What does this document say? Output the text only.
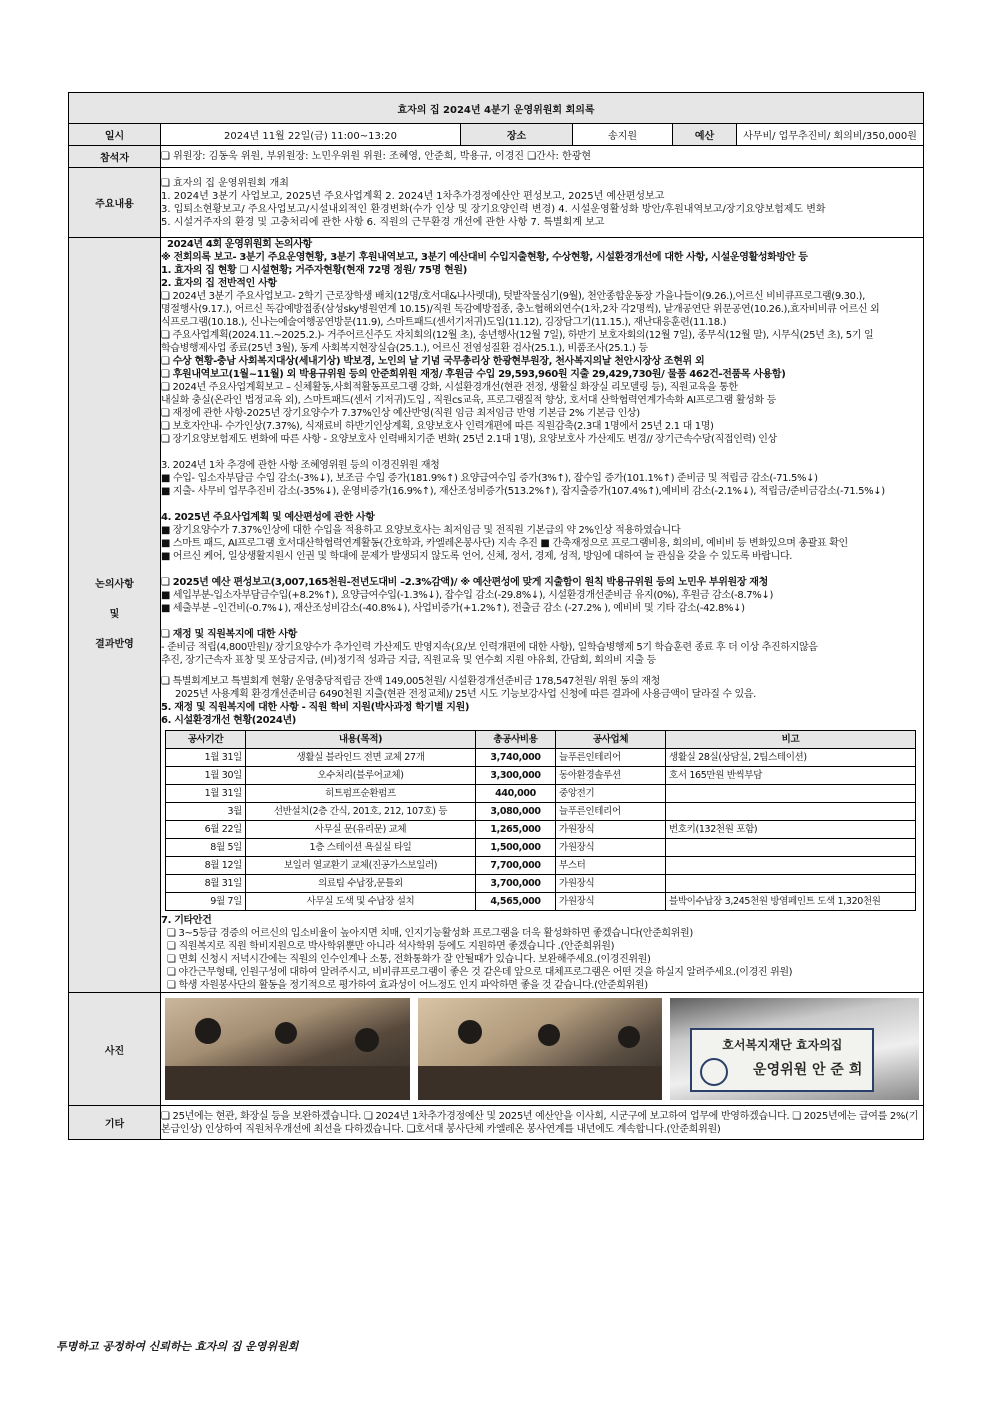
효자의 집 2024년 4분기 운영위원회 회의록
일시	2024년 11월 22일(금) 11:00~13:20	장소	송지원	예산	사무비/ 업무추진비/ 회의비/350,000원
참석자	❏ 위원장: 김동욱 위원, 부위원장: 노민우위원 위원: 조혜영, 안준희, 박용규, 이경진 ❏간사: 한광현
주요내용	

❏ 효자의 집 운영위원회 개최

1. 2024년 3분기 사업보고, 2025년 주요사업계획 2. 2024년 1차추가경정예산안 편성보고, 2025년 예산편성보고

3. 입퇴소현황보고/ 주요사업보고/시설내외적인 환경변화(수가 인상 및 장기요양인력 변경) 4. 시설운영활성화 방안/후원내역보고/장기요양보험제도 변화

5. 시설거주자의 환경 및 고충처리에 관한 사항 6. 직원의 근무환경 개선에 관한 사항 7. 특별회계 보고

논의사항
및
결과반영

2024년 4회 운영위원회 논의사항

※ 전회의록 보고- 3분기 주요운영현황, 3분기 후원내역보고, 3분기 예산대비 수입지출현황, 수상현황, 시설환경개선에 대한 사항, 시설운영활성화방안 등

1. 효자의 집 현황 ❏ 시설현황; 거주자현황(현재 72명 정원/ 75명 현원)

2. 효자의 집 전반적인 사항

❏ 2024년 3분기 주요사업보고- 2학기 근로장학생 배치(12명/호서대&나사렛대), 텃밭작물심기(9월), 천안종합운동장 가을나들이(9.26.),어르신 비비큐프로그램(9.30.),

명절행사(9.17.), 어르신 독감예방접종(삼성sky병원연계 10.15)/직원 독감예방접종, 충노협해외연수(1차,2차 각2명씩), 낱개공연단 위문공연(10.26.),효자비비큐 어르신 외

식프로그램(10.18.), 신나는예술여행공연방문(11.9), 스마트패드(센서기저귀)도입(11.12), 김장담그기(11.15.), 재난대응훈련(11.18.)

❏ 주요사업계획(2024.11.~2025.2.)- 거주어르신주도 자치회의(12월 초), 송년행사(12월 7일), 하반기 보호자회의(12월 7일), 종무식(12월 말), 시무식(25년 초), 5기 일

학습병행제사업 종료(25년 3월), 동계 사회복지현장실습(25.1.), 어르신 전염성질환 검사(25.1.), 비품조사(25.1.) 등

❏ 수상 현황-충남 사회복지대상(세내기상) 박보경, 노인의 날 기념 국무총리상 한광현부원장, 천사복지의날 천안시장상 조현위 외

❏ 후원내역보고(1월~11월) 외 박용규위원 등의 안준희위원 재정/ 후원금 수입 29,593,960원 지출 29,429,730원/ 물품 462건-전품목 사용함)

❏ 2024년 주요사업계획보고 – 신체활동,사회적활동프로그램 강화, 시설환경개선(현관 전정, 생활실 화장실 리모델링 등), 직원교육을 통한

내실화 충실(온라인 법정교육 외), 스마트패드(센서 기저귀)도입 , 직원cs교육, 프로그램질적 향상, 호서대 산학협력연계가속화 AI프로그램 활성화 등

❏ 재정에 관한 사항-2025년 장기요양수가 7.37%인상 예산반영(직원 임금 최저임금 반영 기본급 2% 기본급 인상)

❏ 보호자안내- 수가인상(7.37%), 식재료비 하반기인상계획, 요양보호사 인력개편에 따른 직원감축(2.3대 1명에서 25년 2.1 대 1명)

❏ 장기요양보험제도 변화에 따른 사항 - 요양보호사 인력배치기준 변화( 25년 2.1대 1명), 요양보호사 가산제도 변경// 장기근속수당(직접인력) 인상

3. 2024년 1차 추경에 관한 사항 조혜영위원 등의 이경진위원 재청

■ 수입- 입소자부담금 수입 감소(-3%↓), 보조금 수입 증가(181.9%↑) 요양급여수입 증가(3%↑), 잡수입 증가(101.1%↑) 준비금 및 적립금 감소(-71.5%↓)

■ 지출- 사무비 업무추진비 감소(-35%↓), 운영비증가(16.9%↑), 재산조성비증가(513.2%↑), 잡지출증가(107.4%↑),예비비 감소(-2.1%↓), 적립금/준비금감소(-71.5%↓)

4. 2025년 주요사업계획 및 예산편성에 관한 사항

■ 장기요양수가 7.37%인상에 대한 수입을 적용하고 요양보호사는 최저임금 및 전직원 기본급의 약 2%인상 적용하였습니다

■ 스마트 패드, AI프로그램 호서대산학협력연계활동(간호학과, 카엘레온봉사단) 지속 추진 ■ 간축재정으로 프로그램비용, 회의비, 예비비 등 변화있으며 총괄표 확인

■ 어르신 케어, 일상생활지원시 인권 및 학대에 문제가 발생되지 않도록 언어, 신체, 정서, 경제, 성적, 방임에 대하여 늘 관심을 갖을 수 있도록 바랍니다.

❏ 2025년 예산 편성보고(3,007,165천원-전년도대비 –2.3%감액)/ ※ 예산편성에 맞게 지출함이 원칙 박용규위원 등의 노민우 부위원장 재청

■ 세입부분-입소자부담금수입(+8.2%↑), 요양급여수입(-1.3%↓), 잡수입 감소(-29.8%↓), 시설환경개선준비금 유지(0%), 후원금 감소(-8.7%↓)

■ 세출부분 –인건비(-0.7%↓), 재산조성비감소(-40.8%↓), 사업비증가(+1.2%↑), 전출금 감소 (-27.2% ), 예비비 및 기타 감소(-42.8%↓)

❏ 재정 및 직원복지에 대한 사항

- 준비금 적립(4,800만원)/ 장기요양수가 추가인력 가산제도 반영지속(요/보 인력개편에 대한 사항), 일학습병행제 5기 학습훈련 종료 후 더 이상 추진하지않음

추진, 장기근속자 표창 및 포상금지급, (비)정기적 성과금 지급, 직원교육 및 연수회 지원 야유회, 간담회, 회의비 지출 등

❏ 특별회계보고 특별회계 현황/ 운영충당적립금 잔액 149,005천원/ 시설환경개선준비금 178,547천원/ 위원 동의 재청

2025년 사용계획 환경개선준비금 6490천원 지출(현관 전정교체)/ 25년 시도 기능보강사업 신청에 따른 결과에 사용금액이 달라질 수 있음.

5. 재정 및 직원복지에 대한 사항 - 직원 학비 지원(박사과정 학기별 지원)

6. 시설환경개선 현황(2024년)

공사기간	내용(목적)	총공사비용	공사업체	비고
1월 31일	생활실 블라인드 전면 교체 27개	3,740,000	늘푸른인테리어	생활실 28실(상담실, 2팀스테이션)
1월 30일	오수처리(블루어교체)	3,300,000	동아환경솔루션	호서 165만원 반씩부담
1월 31일	히트펌프순환펌프	440,000	중앙전기	
3월	선반설치(2층 간식, 201호, 212, 107호) 등	3,080,000	늘푸른인테리어	
6월 22일	사무실 문(유리문) 교체	1,265,000	가원장식	번호키(132천원 포함)
8월 5일	1층 스테이션 욕실실 타일	1,500,000	가원장식	
8월 12일	보일러 열교환기 교체(진공가스보일러)	7,700,000	부스터	
8월 31일	의료팀 수납장,문틀외	3,700,000	가원장식	
9월 7일	사무실 도색 및 수납장 설치	4,565,000	가원장식	블박이수납장 3,245천원 방염페인트 도색 1,320천원

7. 기타안건

❏ 3~5등급 경증의 어르신의 입소비율이 높아지면 치매, 인지기능활성화 프로그램을 더욱 활성화하면 좋겠습니다(안준희위원)

❏ 직원복지로 직원 학비지원으로 박사학위뿐만 아니라 석사학위 등에도 지원하면 좋겠습니다 .(안준희위원)

❏ 면회 신청시 저녁시간에는 직원의 인수인계나 소통, 전화통화가 잘 안될때가 있습니다. 보완해주세요.(이경진위원)

❏ 야간근무형태, 인원구성에 대하여 알려주시고, 비비큐프로그램이 좋은 것 같은데 앞으로 대체프로그램은 어떤 것을 하실지 알려주세요.(이경진 위원)

❏ 학생 자원봉사단의 활동을 정기적으로 평가하여 효과성이 어느정도 인지 파악하면 좋을 것 같습니다.(안준희위원)

사진	호서복지재단 효자의집
운영위원 안 준 희

기타	❏ 25년에는 현관, 화장실 등을 보완하겠습니다. ❏ 2024년 1차추가경정예산 및 2025년 예산안을 이사회, 시군구에 보고하여 업무에 반영하겠습니다. ❏ 2025년에는 급여를 2%(기본급인상) 인상하여 직원처우개선에 최선을 다하겠습니다. ❏호서대 봉사단체 카엘레온 봉사연계를 내년에도 계속합니다.(안준희위원)
투명하고 공정하여 신뢰하는 효자의 집 운영위원회
